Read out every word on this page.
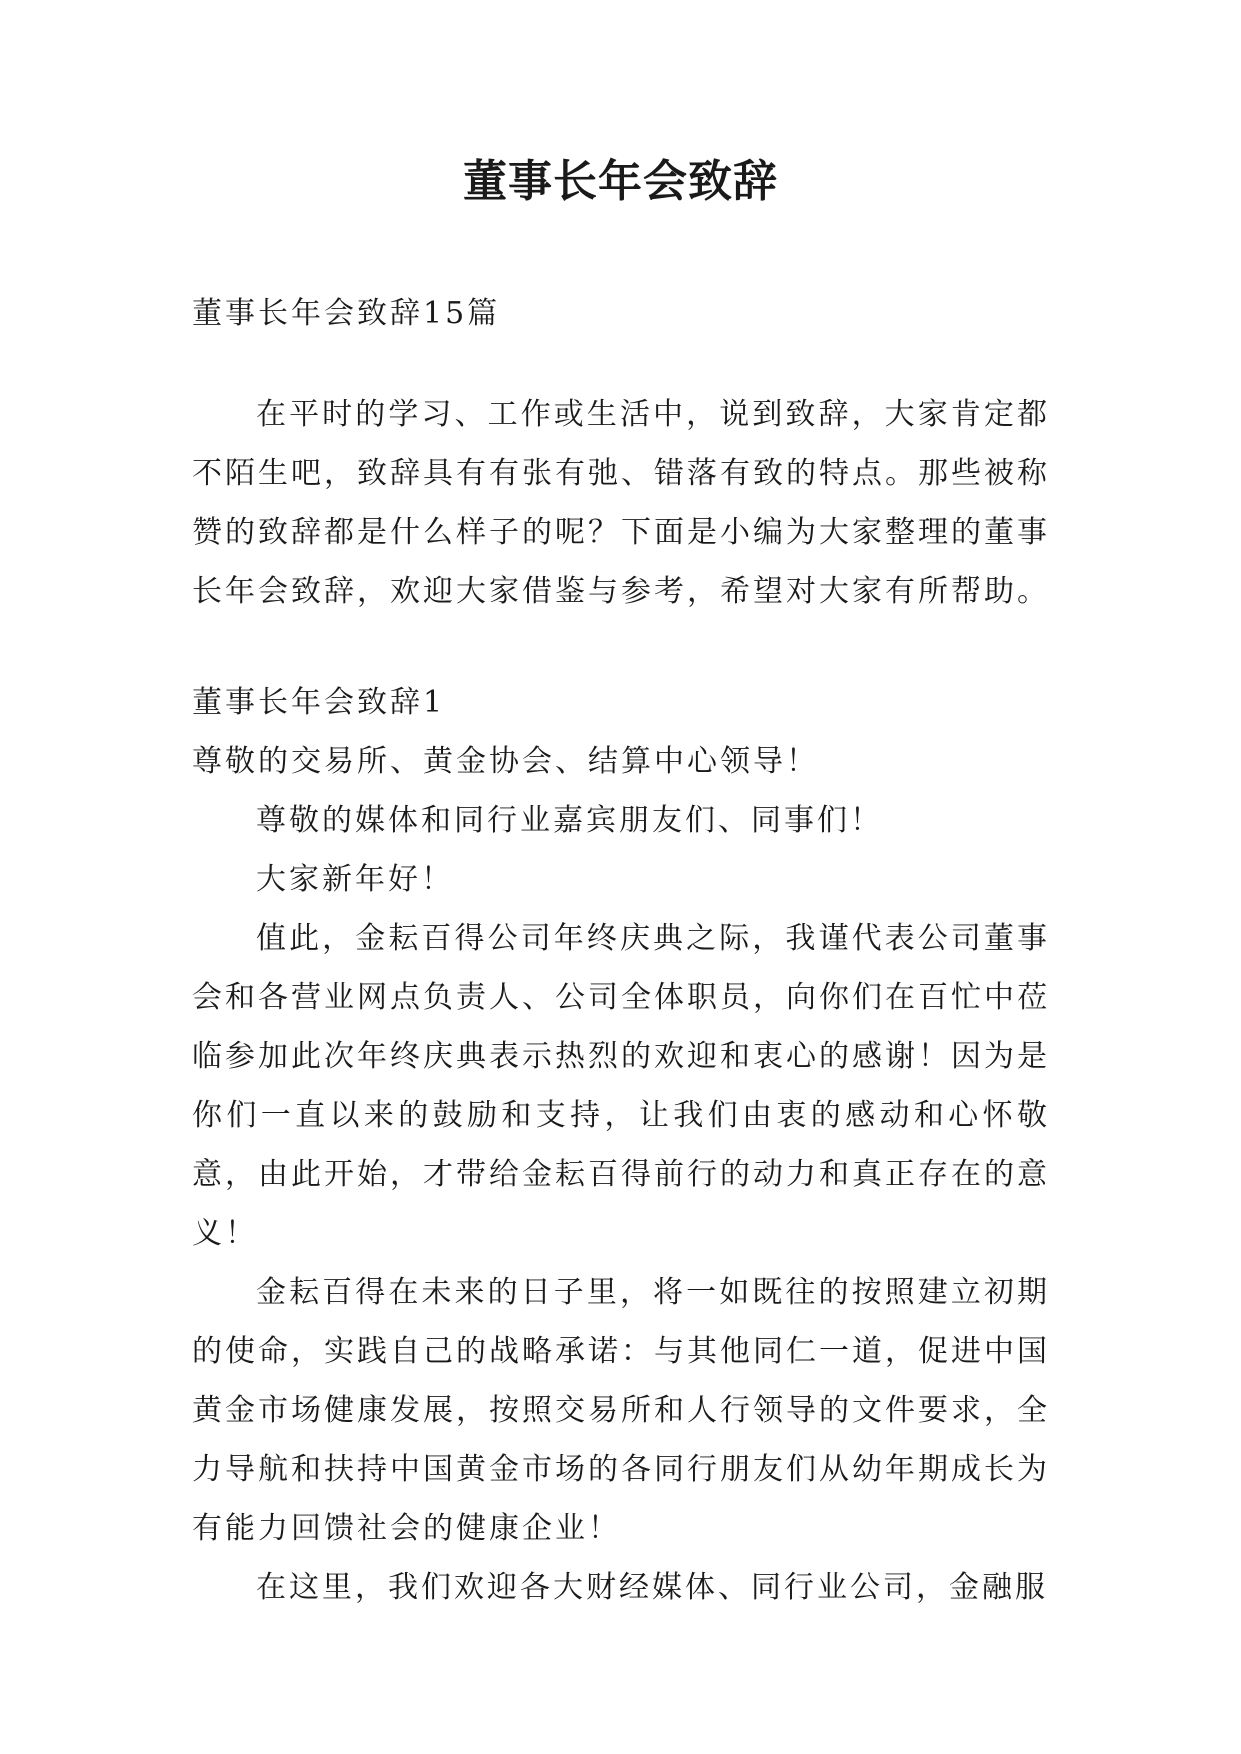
董事长年会致辞

董事长年会致辞15篇

在平时的学习、工作或生活中，说到致辞，大家肯定都不陌生吧，致辞具有有张有弛、错落有致的特点。那些被称赞的致辞都是什么样子的呢？下面是小编为大家整理的董事长年会致辞，欢迎大家借鉴与参考，希望对大家有所帮助。

董事长年会致辞1

尊敬的交易所、黄金协会、结算中心领导！

尊敬的媒体和同行业嘉宾朋友们、同事们！

大家新年好！

值此，金耘百得公司年终庆典之际，我谨代表公司董事会和各营业网点负责人、公司全体职员，向你们在百忙中莅临参加此次年终庆典表示热烈的欢迎和衷心的感谢！因为是你们一直以来的鼓励和支持，让我们由衷的感动和心怀敬意，由此开始，才带给金耘百得前行的动力和真正存在的意义！

金耘百得在未来的日子里，将一如既往的按照建立初期的使命，实践自己的战略承诺：与其他同仁一道，促进中国黄金市场健康发展，按照交易所和人行领导的文件要求，全力导航和扶持中国黄金市场的各同行朋友们从幼年期成长为有能力回馈社会的健康企业！

在这里，我们欢迎各大财经媒体、同行业公司，金融服
